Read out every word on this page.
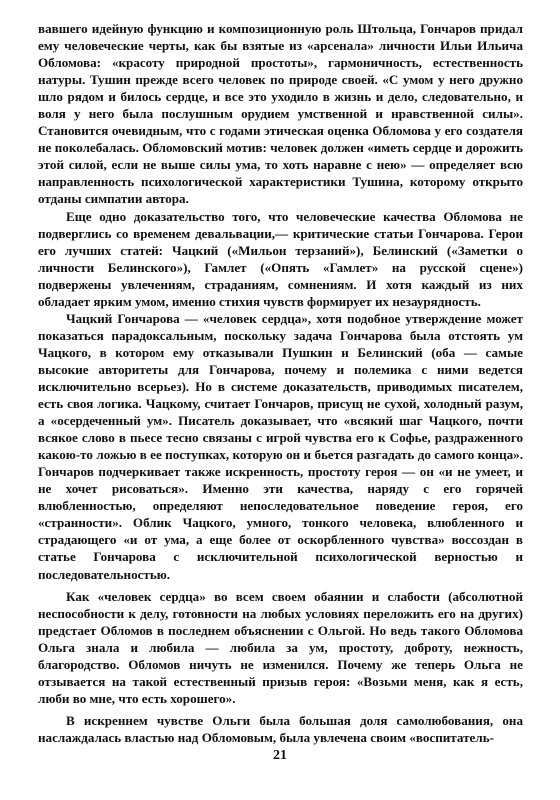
вавшего идейную функцию и композиционную роль Штольца, Гончаров придал ему человеческие черты, как бы взятые из «арсенала» личности Ильи Ильича Обломова: «красоту природной простоты», гармоничность, естественность натуры. Тушин прежде всего человек по природе своей. «С умом у него дружно шло рядом и билось сердце, и все это уходило в жизнь и дело, следовательно, и воля у него была послушным орудием умственной и нравственной силы». Становится очевидным, что с годами этическая оценка Обломова у его создателя не поколебалась. Обломовский мотив: человек должен «иметь сердце и дорожить этой силой, если не выше силы ума, то хоть наравне с нею» — определяет всю направленность психологической характеристики Тушина, которому открыто отданы симпатии автора.

Еще одно доказательство того, что человеческие качества Обломова не подверглись со временем девальвации,— критические статьи Гончарова. Герои его лучших статей: Чацкий («Мильон терзаний»), Белинский («Заметки о личности Белинского»), Гамлет («Опять «Гамлет» на русской сцене») подвержены увлечениям, страданиям, сомнениям. И хотя каждый из них обладает ярким умом, именно стихия чувств формирует их незаурядность.

Чацкий Гончарова — «человек сердца», хотя подобное утверждение может показаться парадоксальным, поскольку задача Гончарова была отстоять ум Чацкого, в котором ему отказывали Пушкин и Белинский (оба — самые высокие авторитеты для Гончарова, почему и полемика с ними ведется исключительно всерьез). Но в системе доказательств, приводимых писателем, есть своя логика. Чацкому, считает Гончаров, присущ не сухой, холодный разум, а «осердеченный ум». Писатель доказывает, что «всякий шаг Чацкого, почти всякое слово в пьесе тесно связаны с игрой чувства его к Софье, раздраженного какою-то ложью в ее поступках, которую он и бьется разгадать до самого конца». Гончаров подчеркивает также искренность, простоту героя — он «и не умеет, и не хочет рисоваться». Именно эти качества, наряду с его горячей влюбленностью, определяют непоследовательное поведение героя, его «странности». Облик Чацкого, умного, тонкого человека, влюбленного и страдающего «и от ума, а еще более от оскорбленного чувства» воссоздан в статье Гончарова с исключительной психологической верностью и последовательностью.

Как «человек сердца» во всем своем обаянии и слабости (абсолютной неспособности к делу, готовности на любых условиях переложить его на других) предстает Обломов в последнем объяснении с Ольгой. Но ведь такого Обломова Ольга знала и любила — любила за ум, простоту, доброту, нежность, благородство. Обломов ничуть не изменился. Почему же теперь Ольга не отзывается на такой естественный призыв героя: «Возьми меня, как я есть, люби во мне, что есть хорошего».

В искреннем чувстве Ольги была большая доля самолюбования, она наслаждалась властью над Обломовым, была увлечена своим «воспитатель-

21
